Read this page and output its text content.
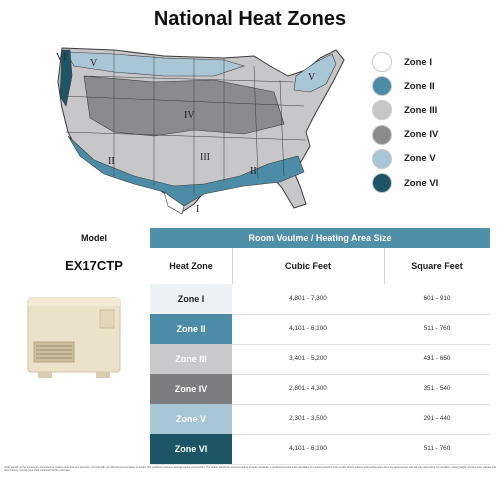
National Heat Zones
VI
V
V
IV
III
II
II
I
Zone I
Zone II
Zone III
Zone IV
Zone V
Zone VI
Model	Room Voulme / Heating Area Size
EX17CTP	Heat Zone	Cubic Feet	Square Feet
Zone I	4,801 - 7,300	601 - 910
Zone II	4,101 - 6,100	511 - 760
Zone III	3,401 - 5,200	431 - 650
Zone IV	2,801 - 4,300	351 - 540
Zone V	2,301 - 3,500	291 - 440
Zone VI	4,101 - 6,100	511 - 760
Chart should not be exclusively depended for heating load and size selection. Consult with your Rinnai representative or dealer. The guidelines assume average house construction. The heater should be sized according to local standards; a professional heat load calculation is recommended for best results. Room volume and heating area sizes are approximate and will vary depending on insulation, ceiling height, window area, climate and other factors. Consult your local contractor before purchase.
